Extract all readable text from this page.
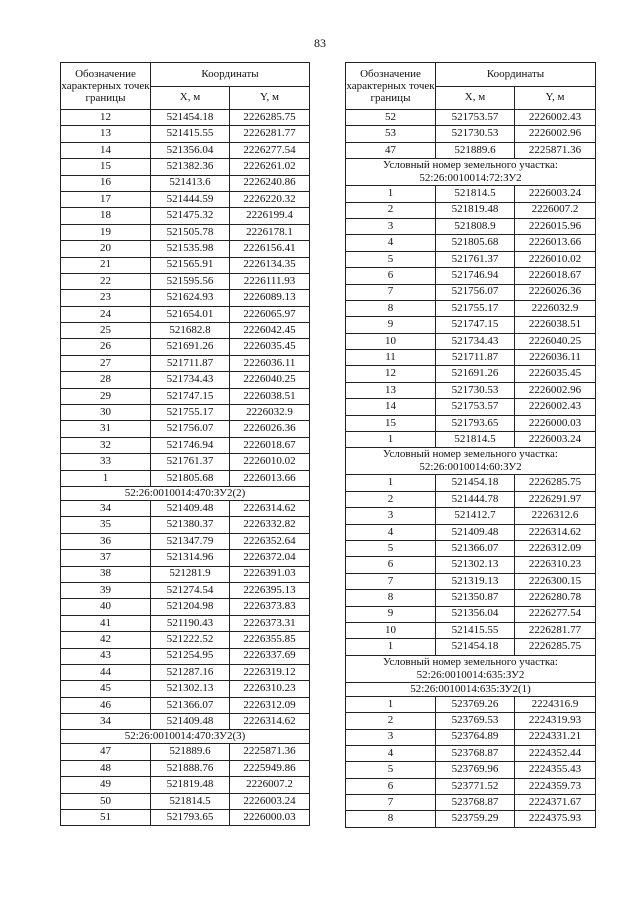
83
Обозначение характерных точек границы	Координаты	
	X, м	Y, м
12	521454.18	2226285.75
13	521415.55	2226281.77
14	521356.04	2226277.54
15	521382.36	2226261.02
16	521413.6	2226240.86
17	521444.59	2226220.32
18	521475.32	2226199.4
19	521505.78	2226178.1
20	521535.98	2226156.41
21	521565.91	2226134.35
22	521595.56	2226111.93
23	521624.93	2226089.13
24	521654.01	2226065.97
25	521682.8	2226042.45
26	521691.26	2226035.45
27	521711.87	2226036.11
28	521734.43	2226040.25
29	521747.15	2226038.51
30	521755.17	2226032.9
31	521756.07	2226026.36
32	521746.94	2226018.67
33	521761.37	2226010.02
1	521805.68	2226013.66
52:26:0010014:470:ЗУ2(2)		
34	521409.48	2226314.62
35	521380.37	2226332.82
36	521347.79	2226352.64
37	521314.96	2226372.04
38	521281.9	2226391.03
39	521274.54	2226395.13
40	521204.98	2226373.83
41	521190.43	2226373.31
42	521222.52	2226355.85
43	521254.95	2226337.69
44	521287.16	2226319.12
45	521302.13	2226310.23
46	521366.07	2226312.09
34	521409.48	2226314.62
52:26:0010014:470:ЗУ2(3)		
47	521889.6	2225871.36
48	521888.76	2225949.86
49	521819.48	2226007.2
50	521814.5	2226003.24
51	521793.65	2226000.03
Обозначение характерных точек границы	Координаты	
	X, м	Y, м
52	521753.57	2226002.43
53	521730.53	2226002.96
47	521889.6	2225871.36
Условный номер земельного участка: 52:26:0010014:72:ЗУ2		
1	521814.5	2226003.24
2	521819.48	2226007.2
3	521808.9	2226015.96
4	521805.68	2226013.66
5	521761.37	2226010.02
6	521746.94	2226018.67
7	521756.07	2226026.36
8	521755.17	2226032.9
9	521747.15	2226038.51
10	521734.43	2226040.25
11	521711.87	2226036.11
12	521691.26	2226035.45
13	521730.53	2226002.96
14	521753.57	2226002.43
15	521793.65	2226000.03
1	521814.5	2226003.24
Условный номер земельного участка: 52:26:0010014:60:ЗУ2		
1	521454.18	2226285.75
2	521444.78	2226291.97
3	521412.7	2226312.6
4	521409.48	2226314.62
5	521366.07	2226312.09
6	521302.13	2226310.23
7	521319.13	2226300.15
8	521350.87	2226280.78
9	521356.04	2226277.54
10	521415.55	2226281.77
1	521454.18	2226285.75
Условный номер земельного участка: 52:26:0010014:635:ЗУ2		
52:26:0010014:635:ЗУ2(1)		
1	523769.26	2224316.9
2	523769.53	2224319.93
3	523764.89	2224331.21
4	523768.87	2224352.44
5	523769.96	2224355.43
6	523771.52	2224359.73
7	523768.87	2224371.67
8	523759.29	2224375.93
